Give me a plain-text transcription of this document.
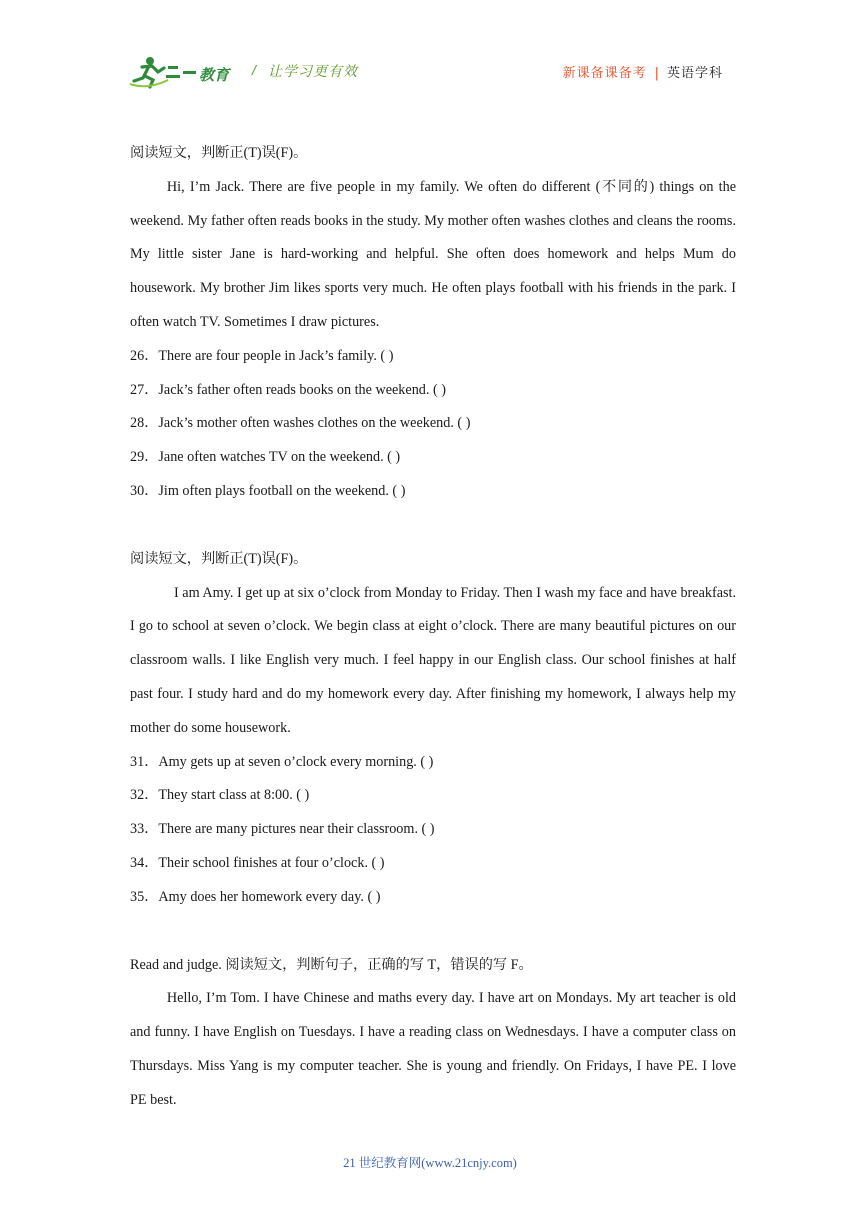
教育 / 让学习更有效	新课备课备考 | 英语学科

阅读短文，判断正(T)误(F)。

Hi, I’m Jack. There are five people in my family. We often do different (不同的) things on the weekend. My father often reads books in the study. My mother often washes clothes and cleans the rooms. My little sister Jane is hard-working and helpful. She often does homework and helps Mum do housework. My brother Jim likes sports very much. He often plays football with his friends in the park. I often watch TV. Sometimes I draw pictures.

26．There are four people in Jack’s family. ( )

27．Jack’s father often reads books on the weekend. ( )

28．Jack’s mother often washes clothes on the weekend. ( )

29．Jane often watches TV on the weekend. ( )

30．Jim often plays football on the weekend. ( )

阅读短文，判断正(T)误(F)。

I am Amy. I get up at six o’clock from Monday to Friday. Then I wash my face and have breakfast. I go to school at seven o’clock. We begin class at eight o’clock. There are many beautiful pictures on our classroom walls. I like English very much. I feel happy in our English class. Our school finishes at half past four. I study hard and do my homework every day. After finishing my homework, I always help my mother do some housework.

31．Amy gets up at seven o’clock every morning. ( )

32．They start class at 8:00. ( )

33．There are many pictures near their classroom. ( )

34．Their school finishes at four o’clock. ( )

35．Amy does her homework every day. ( )

Read and judge. 阅读短文，判断句子，正确的写 T，错误的写 F。

Hello, I’m Tom. I have Chinese and maths every day. I have art on Mondays. My art teacher is old and funny. I have English on Tuesdays. I have a reading class on Wednesdays. I have a computer class on Thursdays. Miss Yang is my computer teacher. She is young and friendly. On Fridays, I have PE. I love PE best.

21 世纪教育网(www.21cnjy.com)
